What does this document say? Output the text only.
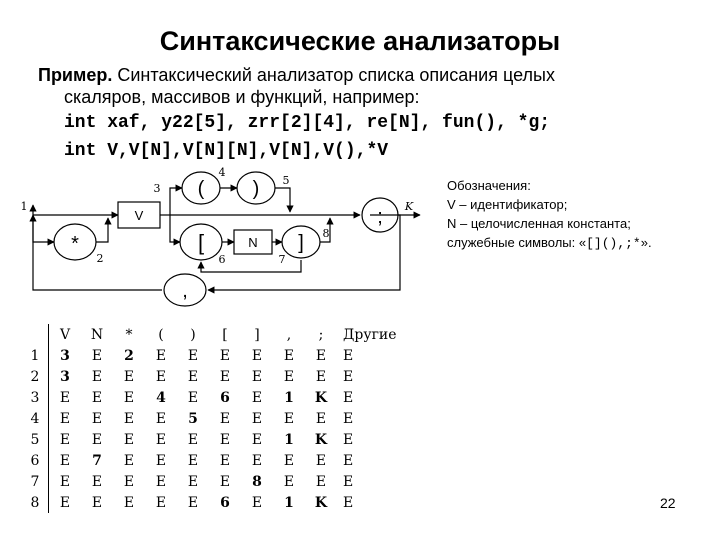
Синтаксические анализаторы
Пример. Синтаксический анализатор списка описания целых
скаляров, массивов и функций, например:
int xaf, y22[5], zrr[2][4], re[N], fun(), *g;
int V,V[N],V[N][N],V[N],V(),*V
*
V
( )
[	N ]
;
,
1
2
3
4
5
6	7
8
K
Обозначения:
V – идентификатор;
N – целочисленная константа;
служебные символы: «[](),;*».
	V	N	*	(	)	[	]	,	;	Другие
1	3	E	2	E	E	E	E	E	E	E
2	3	E	E	E	E	E	E	E	E	E
3	E	E	E	4	E	6	E	1	K	E
4	E	E	E	E	5	E	E	E	E	E
5	E	E	E	E	E	E	E	1	K	E
6	E	7	E	E	E	E	E	E	E	E
7	E	E	E	E	E	E	8	E	E	E
8	E	E	E	E	E	6	E	1	K	E	22
